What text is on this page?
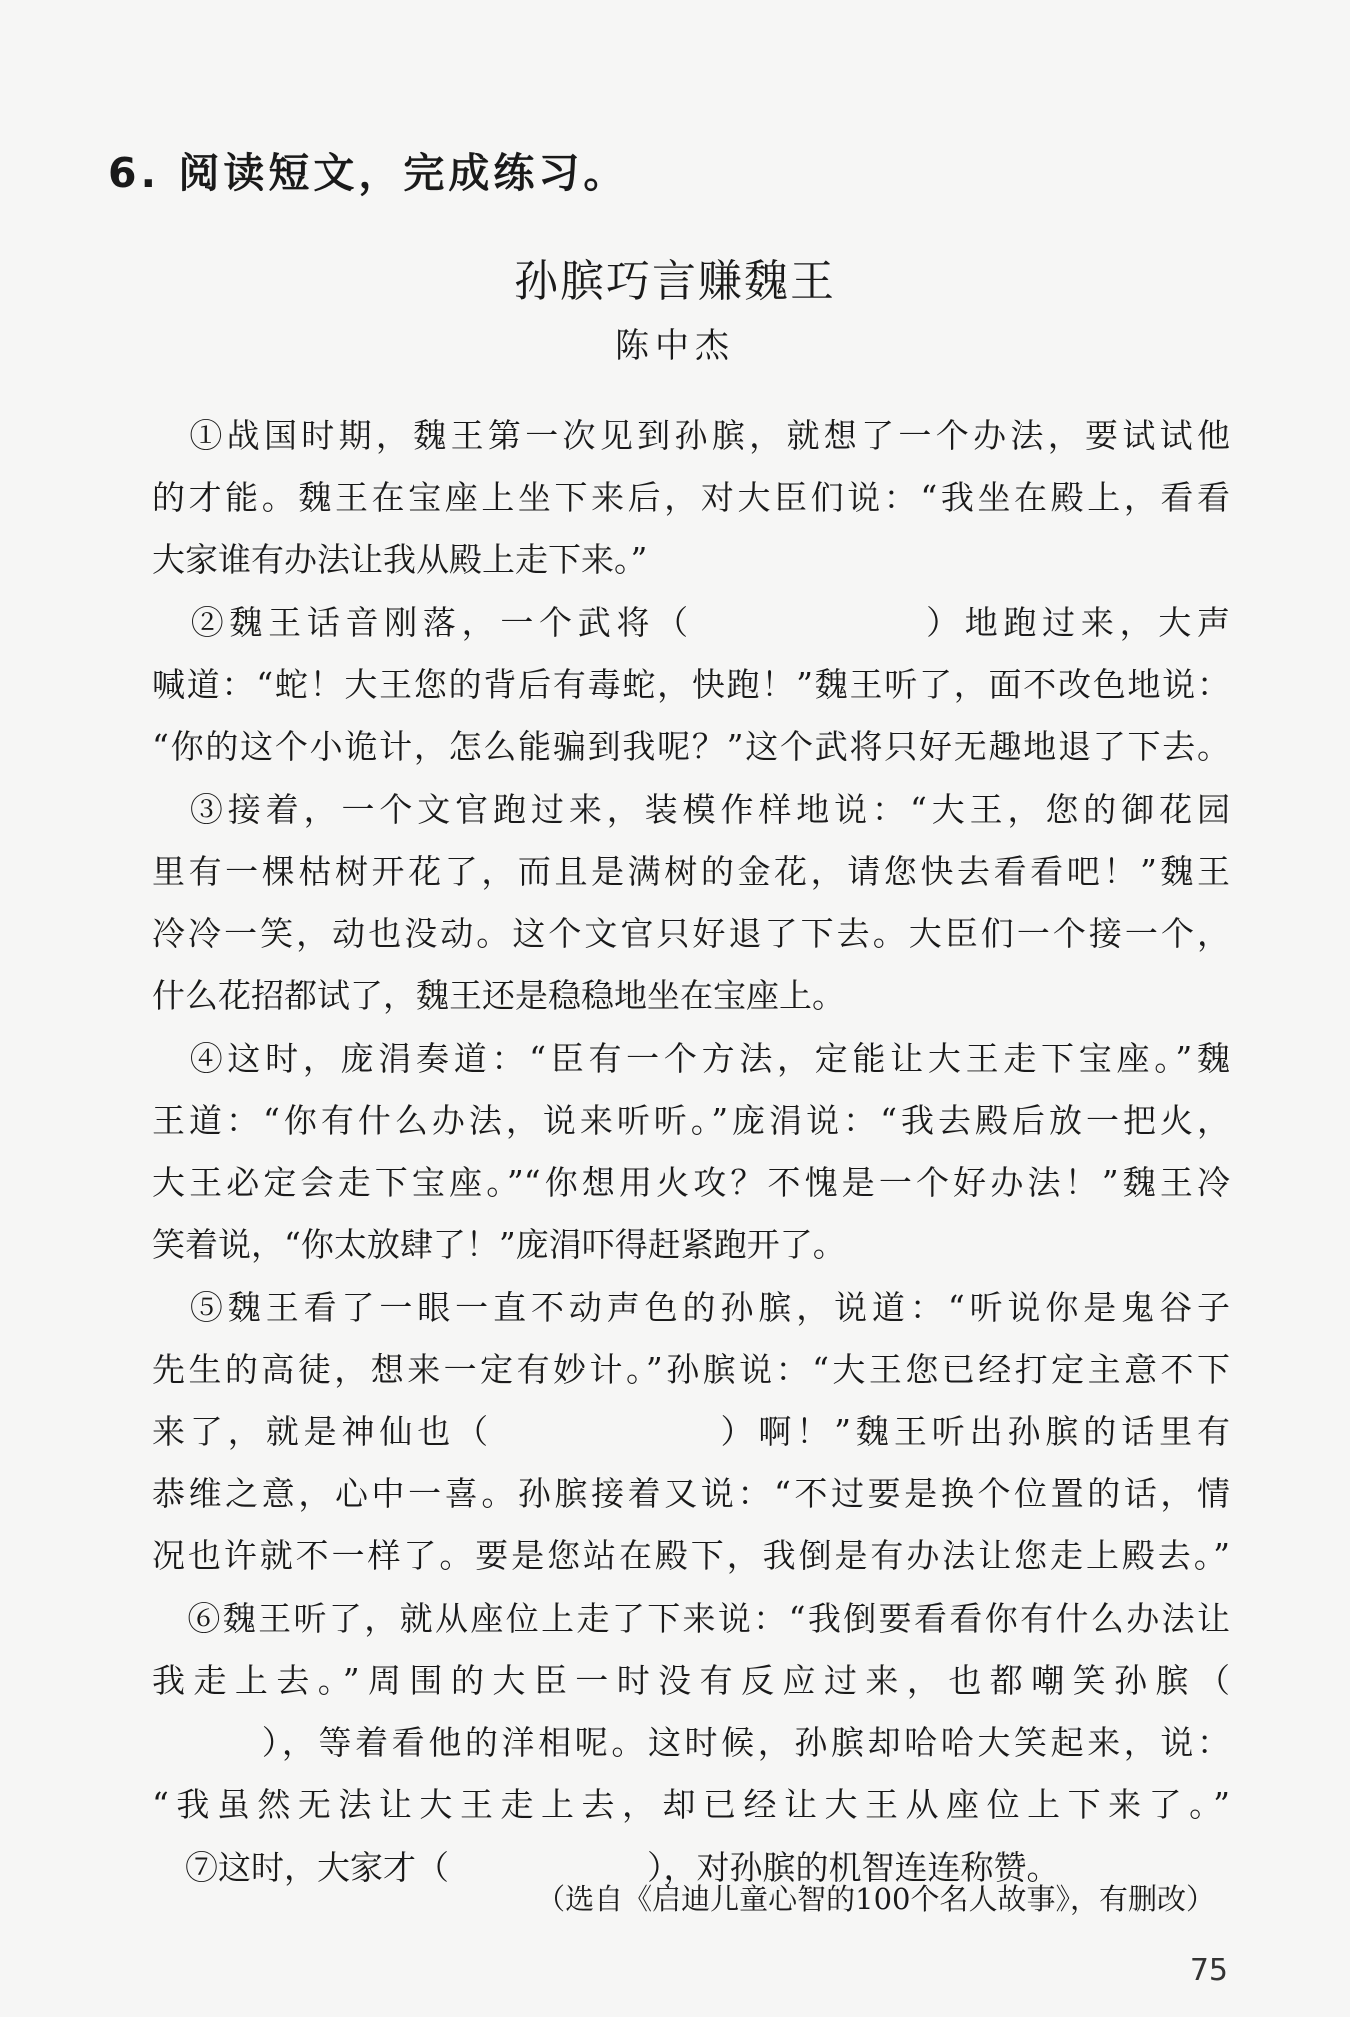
6. 阅读短文，完成练习。
孙膑巧言赚魏王
陈中杰
　①战国时期，魏王第一次见到孙膑，就想了一个办法，要试试他
的才能。魏王在宝座上坐下来后，对大臣们说：“我坐在殿上，看看
大家谁有办法让我从殿上走下来。”
　②魏王话音刚落，一个武将（　　　　　　）地跑过来，大声
喊道：“蛇！大王您的背后有毒蛇，快跑！”魏王听了，面不改色地说：
“你的这个小诡计，怎么能骗到我呢？”这个武将只好无趣地退了下去。
　③接着，一个文官跑过来，装模作样地说：“大王，您的御花园
里有一棵枯树开花了，而且是满树的金花，请您快去看看吧！”魏王
冷冷一笑，动也没动。这个文官只好退了下去。大臣们一个接一个，
什么花招都试了，魏王还是稳稳地坐在宝座上。
　④这时，庞涓奏道：“臣有一个方法，定能让大王走下宝座。”魏
王道：“你有什么办法，说来听听。”庞涓说：“我去殿后放一把火，
大王必定会走下宝座。”“你想用火攻？不愧是一个好办法！”魏王冷
笑着说，“你太放肆了！”庞涓吓得赶紧跑开了。
　⑤魏王看了一眼一直不动声色的孙膑，说道：“听说你是鬼谷子
先生的高徒，想来一定有妙计。”孙膑说：“大王您已经打定主意不下
来了，就是神仙也（　　　　　　）啊！”魏王听出孙膑的话里有
恭维之意，心中一喜。孙膑接着又说：“不过要是换个位置的话，情
况也许就不一样了。要是您站在殿下，我倒是有办法让您走上殿去。”
　⑥魏王听了，就从座位上走了下来说：“我倒要看看你有什么办法让
我走上去。”周围的大臣一时没有反应过来，也都嘲笑孙膑（　
　　　），等着看他的洋相呢。这时候，孙膑却哈哈大笑起来，说：
“我虽然无法让大王走上去，却已经让大王从座位上下来了。”
　⑦这时，大家才（　　　　　　），对孙膑的机智连连称赞。
（选自《启迪儿童心智的100个名人故事》，有删改）
75
